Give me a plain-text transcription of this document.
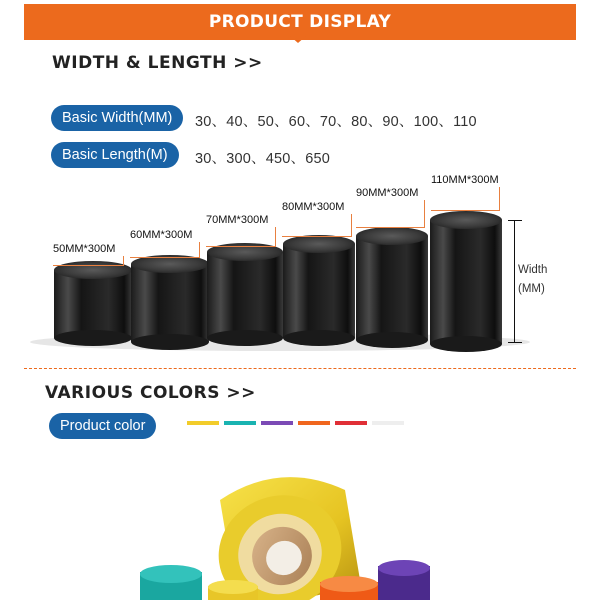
PRODUCT DISPLAY
WIDTH & LENGTH >>
Basic Width(MM)	30、40、50、60、70、80、90、100、110
Basic Length(M)	30、300、450、650
50MM*300M
60MM*300M
70MM*300M
80MM*300M
90MM*300M
110MM*300M
Width
(MM)
VARIOUS COLORS >>
Product color
